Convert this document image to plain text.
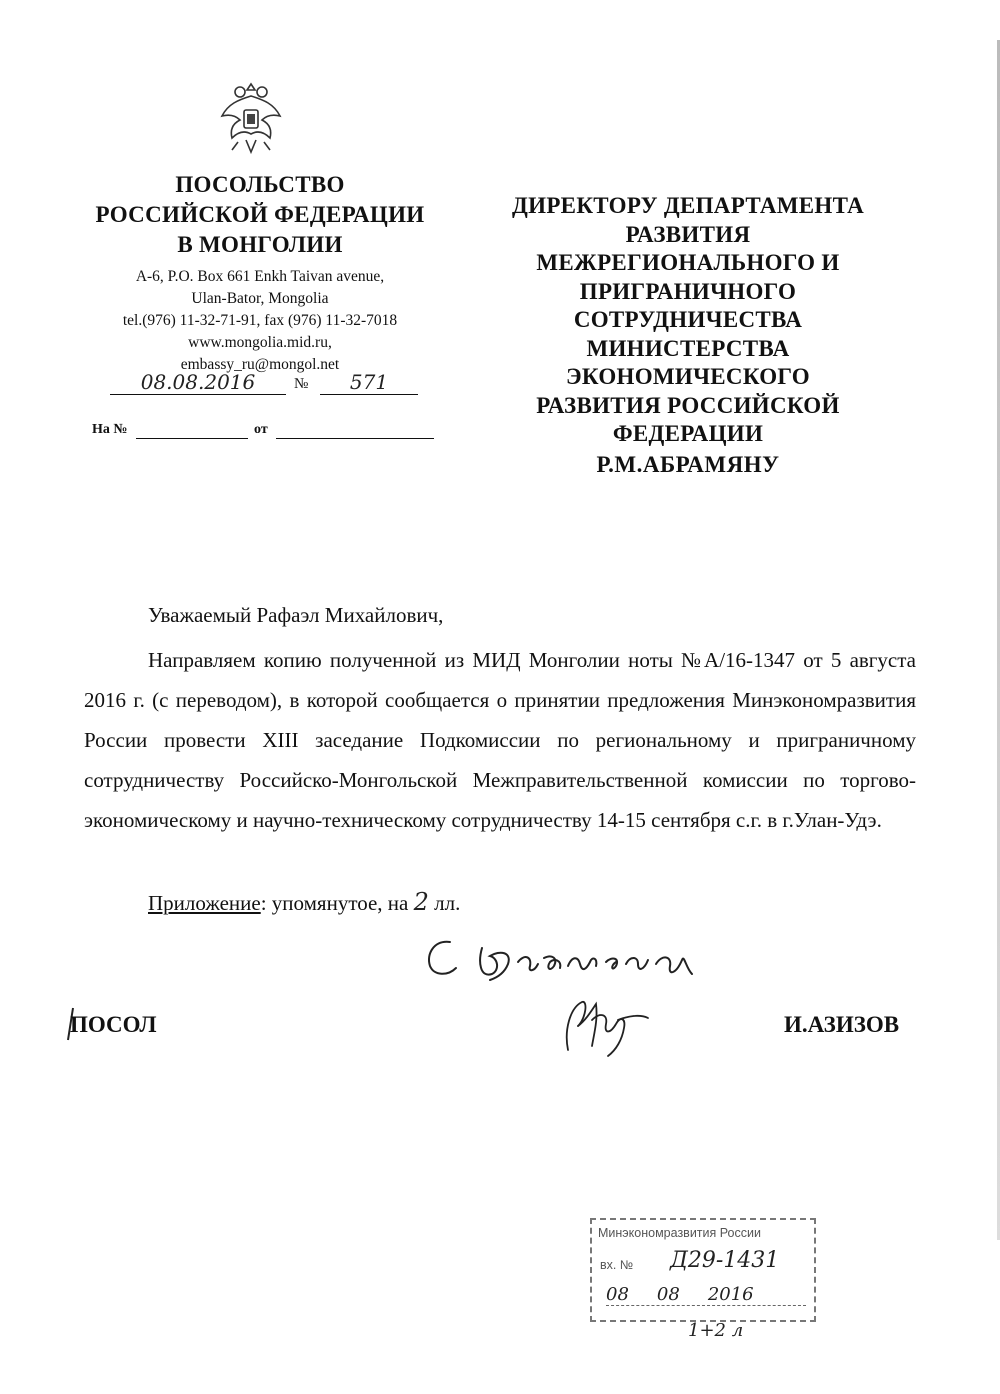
ПОСОЛЬСТВО
РОССИЙСКОЙ ФЕДЕРАЦИИ
В МОНГОЛИИ
A-6, P.O. Box 661 Enkh Taivan avenue,
Ulan-Bator, Mongolia
tel.(976) 11-32-71-91, fax (976) 11-32-7018
www.mongolia.mid.ru,
embassy_ru@mongol.net
08.08.2016	№	571
На №	от
ДИРЕКТОРУ ДЕПАРТАМЕНТА
РАЗВИТИЯ
МЕЖРЕГИОНАЛЬНОГО И
ПРИГРАНИЧНОГО
СОТРУДНИЧЕСТВА
МИНИСТЕРСТВА
ЭКОНОМИЧЕСКОГО
РАЗВИТИЯ РОССИЙСКОЙ
ФЕДЕРАЦИИ
Р.М.АБРАМЯНУ
Уважаемый Рафаэл Михайлович,
Направляем копию полученной из МИД Монголии ноты №А/16-1347 от 5 августа 2016 г. (с переводом), в которой сообщается о принятии предложения Минэкономразвития России провести XIII заседание Подкомиссии по региональному и приграничному сотрудничеству Российско-Монгольской Межправительственной комиссии по торгово-экономическому и научно-техническому сотрудничеству 14-15 сентября с.г. в г.Улан-Удэ.
Приложение: упомянутое, на 2 лл.
ПОСОЛ	И.АЗИЗОВ
Минэкономразвития России
вх. № Д29-1431
08 08 2016
1+2 л
